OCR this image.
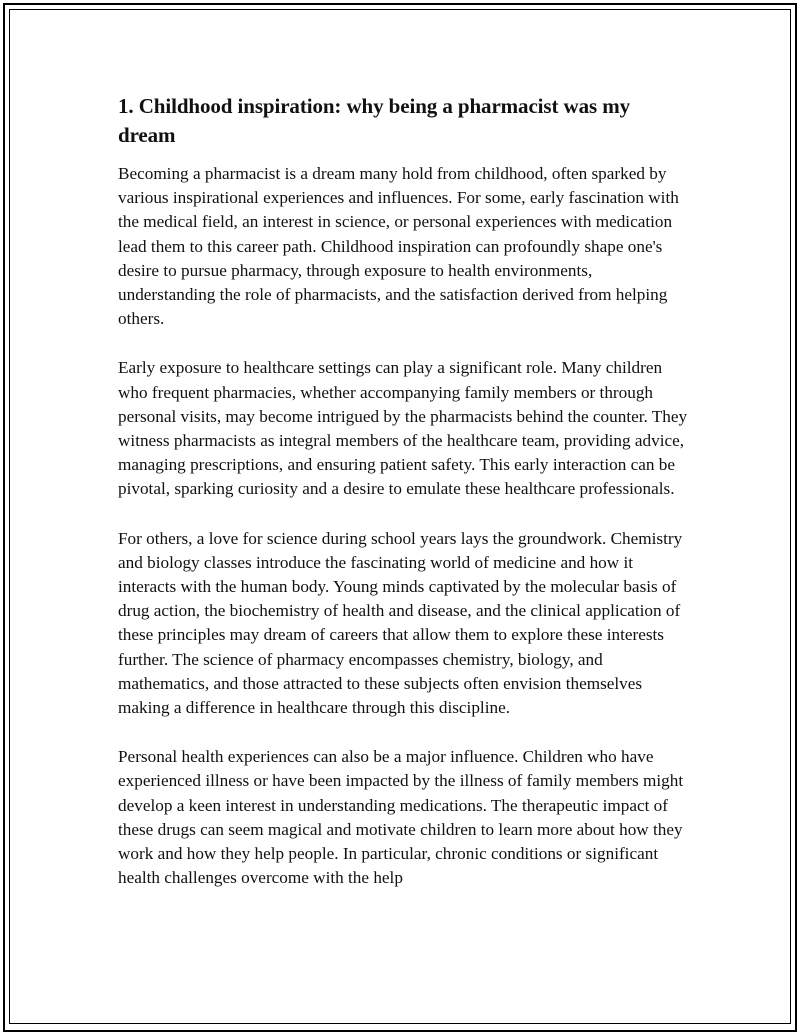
1. Childhood inspiration: why being a pharmacist was my dream

Becoming a pharmacist is a dream many hold from childhood, often sparked by various inspirational experiences and influences. For some, early fascination with the medical field, an interest in science, or personal experiences with medication lead them to this career path. Childhood inspiration can profoundly shape one's desire to pursue pharmacy, through exposure to health environments, understanding the role of pharmacists, and the satisfaction derived from helping others.

Early exposure to healthcare settings can play a significant role. Many children who frequent pharmacies, whether accompanying family members or through personal visits, may become intrigued by the pharmacists behind the counter. They witness pharmacists as integral members of the healthcare team, providing advice, managing prescriptions, and ensuring patient safety. This early interaction can be pivotal, sparking curiosity and a desire to emulate these healthcare professionals.

For others, a love for science during school years lays the groundwork. Chemistry and biology classes introduce the fascinating world of medicine and how it interacts with the human body. Young minds captivated by the molecular basis of drug action, the biochemistry of health and disease, and the clinical application of these principles may dream of careers that allow them to explore these interests further. The science of pharmacy encompasses chemistry, biology, and mathematics, and those attracted to these subjects often envision themselves making a difference in healthcare through this discipline.

Personal health experiences can also be a major influence. Children who have experienced illness or have been impacted by the illness of family members might develop a keen interest in understanding medications. The therapeutic impact of these drugs can seem magical and motivate children to learn more about how they work and how they help people. In particular, chronic conditions or significant health challenges overcome with the help
